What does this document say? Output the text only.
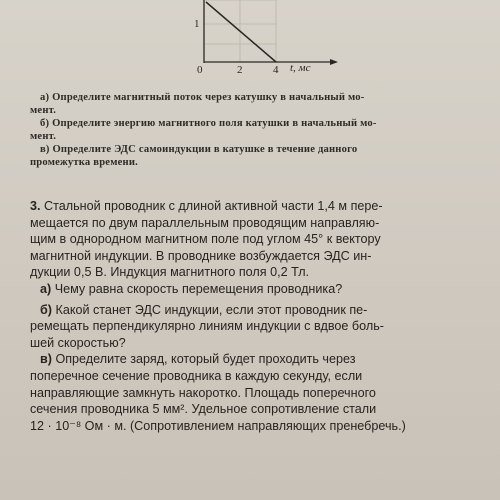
1
0	2	4 t, мс
а) Определите магнитный поток через катушку в начальный мо-
мент.
б) Определите энергию магнитного поля катушки в начальный мо-
мент.
в) Определите ЭДС самоиндукции в катушке в течение данного
промежутка времени.
3. Стальной проводник с длиной активной части 1,4 м пере-
мещается по двум параллельным проводящим направляю-
щим в однородном магнитном поле под углом 45° к вектору
магнитной индукции. В проводнике возбуждается ЭДС ин-
дукции 0,5 В. Индукция магнитного поля 0,2 Тл.
а) Чему равна скорость перемещения проводника?
б) Какой станет ЭДС индукции, если этот проводник пе-
ремещать перпендикулярно линиям индукции с вдвое боль-
шей скоростью?
в) Определите заряд, который будет проходить через
поперечное сечение проводника в каждую секунду, если
направляющие замкнуть накоротко. Площадь поперечного
сечения проводника 5 мм². Удельное сопротивление стали
12 · 10⁻⁸ Ом · м. (Сопротивлением направляющих пренебречь.)
